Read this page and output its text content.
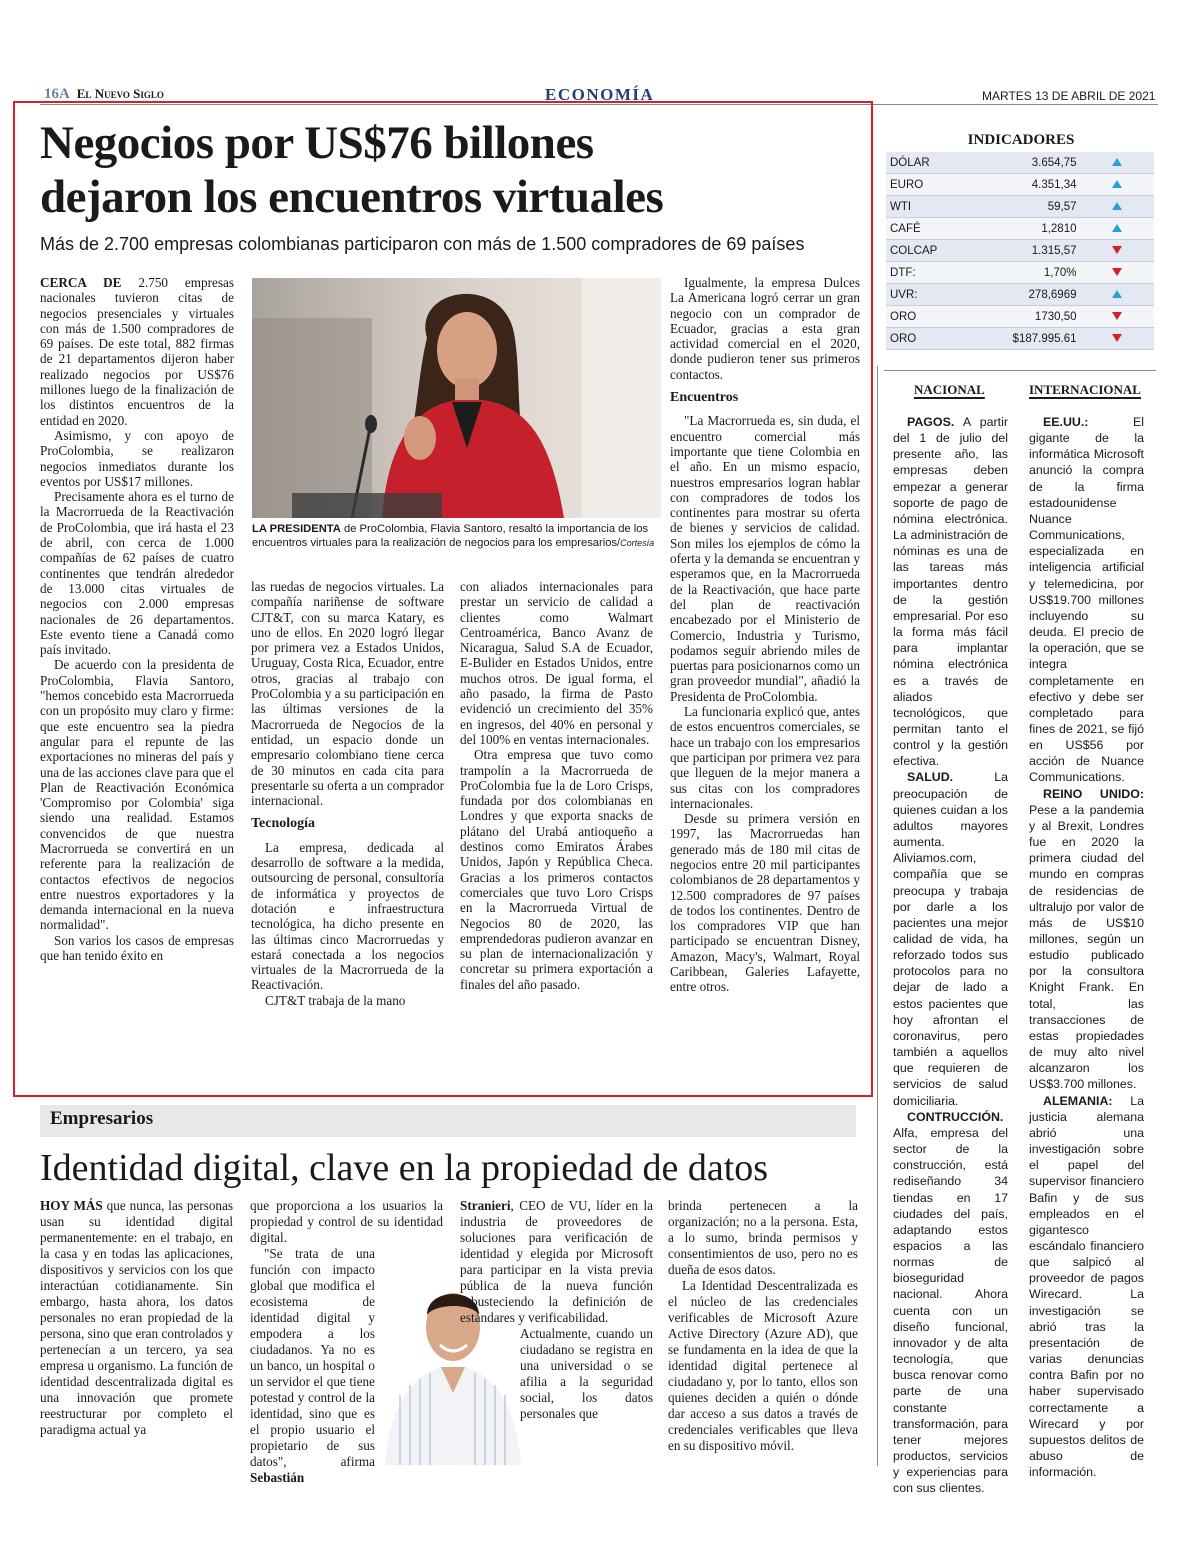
16A El Nuevo Siglo	ECONOMÍA	MARTES 13 DE ABRIL DE 2021
Negocios por US$76 billones
dejaron los encuentros virtuales
Más de 2.700 empresas colombianas participaron con más de 1.500 compradores de 69 países

CERCA DE 2.750 empresas nacionales tuvieron citas de negocios presenciales y virtuales con más de 1.500 compradores de 69 países. De este total, 882 firmas de 21 departamentos dijeron haber realizado negocios por US$76 millones luego de la finalización de los distintos encuentros de la entidad en 2020.

Asimismo, y con apoyo de ProColombia, se realizaron negocios inmediatos durante los eventos por US$17 millones.

Precisamente ahora es el turno de la Macrorrueda de la Reactivación de ProColombia, que irá hasta el 23 de abril, con cerca de 1.000 compañías de 62 países de cuatro continentes que tendrán alrededor de 13.000 citas virtuales de negocios con 2.000 empresas nacionales de 26 departamentos. Este evento tiene a Canadá como país invitado.

De acuerdo con la presidenta de ProColombia, Flavia Santoro, "hemos concebido esta Macrorrueda con un propósito muy claro y firme: que este encuentro sea la piedra angular para el repunte de las exportaciones no mineras del país y una de las acciones clave para que el Plan de Reactivación Económica 'Compromiso por Colombia' siga siendo una realidad. Estamos convencidos de que nuestra Macrorrueda se convertirá en un referente para la realización de contactos efectivos de negocios entre nuestros exportadores y la demanda internacional en la nueva normalidad".

Son varios los casos de empresas que han tenido éxito en

LA PRESIDENTA de ProColombia, Flavia Santoro, resaltó la importancia de los encuentros virtuales para la realización de negocios para los empresarios/Cortesía

las ruedas de negocios virtuales. La compañía nariñense de software CJT&T, con su marca Katary, es uno de ellos. En 2020 logró llegar por primera vez a Estados Unidos, Uruguay, Costa Rica, Ecuador, entre otros, gracias al trabajo con ProColombia y a su participación en las últimas versiones de la Macrorrueda de Negocios de la entidad, un espacio donde un empresario colombiano tiene cerca de 30 minutos en cada cita para presentarle su oferta a un comprador internacional.

Tecnología

La empresa, dedicada al desarrollo de software a la medida, outsourcing de personal, consultoría de informática y proyectos de dotación e infraestructura tecnológica, ha dicho presente en las últimas cinco Macrorruedas y estará conectada a los negocios virtuales de la Macrorrueda de la Reactivación.

CJT&T trabaja de la mano

con aliados internacionales para prestar un servicio de calidad a clientes como Walmart Centroamérica, Banco Avanz de Nicaragua, Salud S.A de Ecuador, E-Bulider en Estados Unidos, entre muchos otros. De igual forma, el año pasado, la firma de Pasto evidenció un crecimiento del 35% en ingresos, del 40% en personal y del 100% en ventas internacionales.

Otra empresa que tuvo como trampolín a la Macrorrueda de ProColombia fue la de Loro Crisps, fundada por dos colombianas en Londres y que exporta snacks de plátano del Urabá antioqueño a destinos como Emiratos Árabes Unidos, Japón y República Checa. Gracias a los primeros contactos comerciales que tuvo Loro Crisps en la Macrorrueda Virtual de Negocios 80 de 2020, las emprendedoras pudieron avanzar en su plan de internacionalización y concretar su primera exportación a finales del año pasado.

Igualmente, la empresa Dulces La Americana logró cerrar un gran negocio con un comprador de Ecuador, gracias a esta gran actividad comercial en el 2020, donde pudieron tener sus primeros contactos.

Encuentros

"La Macrorrueda es, sin duda, el encuentro comercial más importante que tiene Colombia en el año. En un mismo espacio, nuestros empresarios logran hablar con compradores de todos los continentes para mostrar su oferta de bienes y servicios de calidad. Son miles los ejemplos de cómo la oferta y la demanda se encuentran y esperamos que, en la Macrorrueda de la Reactivación, que hace parte del plan de reactivación encabezado por el Ministerio de Comercio, Industria y Turismo, podamos seguir abriendo miles de puertas para posicionarnos como un gran proveedor mundial", añadió la Presidenta de ProColombia.

La funcionaria explicó que, antes de estos encuentros comerciales, se hace un trabajo con los empresarios que participan por primera vez para que lleguen de la mejor manera a sus citas con los compradores internacionales.

Desde su primera versión en 1997, las Macrorruedas han generado más de 180 mil citas de negocios entre 20 mil participantes colombianos de 28 departamentos y 12.500 compradores de 97 países de todos los continentes. Dentro de los compradores VIP que han participado se encuentran Disney, Amazon, Macy's, Walmart, Royal Caribbean, Galeries Lafayette, entre otros.

INDICADORES
DÓLAR	3.654,75	
EURO	4.351,34	
WTI	59,57	
CAFÉ	1,2810	
COLCAP	1.315,57	
DTF:	1,70%	
UVR:	278,6969	
ORO	1730,50	
ORO	$187.995.61	
NACIONAL	INTERNACIONAL

PAGOS. A partir del 1 de julio del presente año, las empresas deben empezar a generar soporte de pago de nómina electrónica. La administración de nóminas es una de las tareas más importantes dentro de la gestión empresarial. Por eso la forma más fácil para implantar nómina electrónica es a través de aliados tecnológicos, que permitan tanto el control y la gestión efectiva.

SALUD. La preocupación de quienes cuidan a los adultos mayores aumenta. Aliviamos.com, compañía que se preocupa y trabaja por darle a los pacientes una mejor calidad de vida, ha reforzado todos sus protocolos para no dejar de lado a estos pacientes que hoy afrontan el coronavirus, pero también a aquellos que requieren de servicios de salud domiciliaria.

CONTRUCCIÓN. Alfa, empresa del sector de la construcción, está rediseñando 34 tiendas en 17 ciudades del país, adaptando estos espacios a las normas de bioseguridad nacional. Ahora cuenta con un diseño funcional, innovador y de alta tecnología, que busca renovar como parte de una constante transformación, para tener mejores productos, servicios y experiencias para con sus clientes.

EE.UU.: El gigante de la informática Microsoft anunció la compra de la firma estadounidense Nuance Communications, especializada en inteligencia artificial y telemedicina, por US$19.700 millones incluyendo su deuda. El precio de la operación, que se integra completamente en efectivo y debe ser completado para fines de 2021, se fijó en US$56 por acción de Nuance Communications.

REINO UNIDO: Pese a la pandemia y al Brexit, Londres fue en 2020 la primera ciudad del mundo en compras de residencias de ultralujo por valor de más de US$10 millones, según un estudio publicado por la consultora Knight Frank. En total, las transacciones de estas propiedades de muy alto nivel alcanzaron los US$3.700 millones.

ALEMANIA: La justicia alemana abrió una investigación sobre el papel del supervisor financiero Bafin y de sus empleados en el gigantesco escándalo financiero que salpicó al proveedor de pagos Wirecard. La investigación se abrió tras la presentación de varias denuncias contra Bafin por no haber supervisado correctamente a Wirecard y por supuestos delitos de abuso de información.

Empresarios
Identidad digital, clave en la propiedad de datos

HOY MÁS que nunca, las personas usan su identidad digital permanentemente: en el trabajo, en la casa y en todas las aplicaciones, dispositivos y servicios con los que interactúan cotidianamente. Sin embargo, hasta ahora, los datos personales no eran propiedad de la persona, sino que eran controlados y pertenecían a un tercero, ya sea empresa u organismo. La función de identidad descentralizada digital es una innovación que promete reestructurar por completo el paradigma actual ya

que proporciona a los usuarios la propiedad y control de su identidad digital.

"Se trata de una función con impacto global que modifica el ecosistema de identidad digital y empodera a los ciudadanos. Ya no es un banco, un hospital o un servidor el que tiene potestad y control de la identidad, sino que es el propio usuario el propietario de sus datos", afirma Sebastián

Stranieri, CEO de VU, líder en la industria de proveedores de soluciones para verificación de identidad y elegida por Microsoft para participar en la vista previa pública de la nueva función robusteciendo la definición de estándares y verificabilidad.

Actualmente, cuando un ciudadano se registra en una universidad o se afilia a la seguridad social, los datos personales que

brinda pertenecen a la organización; no a la persona. Esta, a lo sumo, brinda permisos y consentimientos de uso, pero no es dueña de esos datos.

La Identidad Descentralizada es el núcleo de las credenciales verificables de Microsoft Azure Active Directory (Azure AD), que se fundamenta en la idea de que la identidad digital pertenece al ciudadano y, por lo tanto, ellos son quienes deciden a quién o dónde dar acceso a sus datos a través de credenciales verificables que lleva en su dispositivo móvil.
